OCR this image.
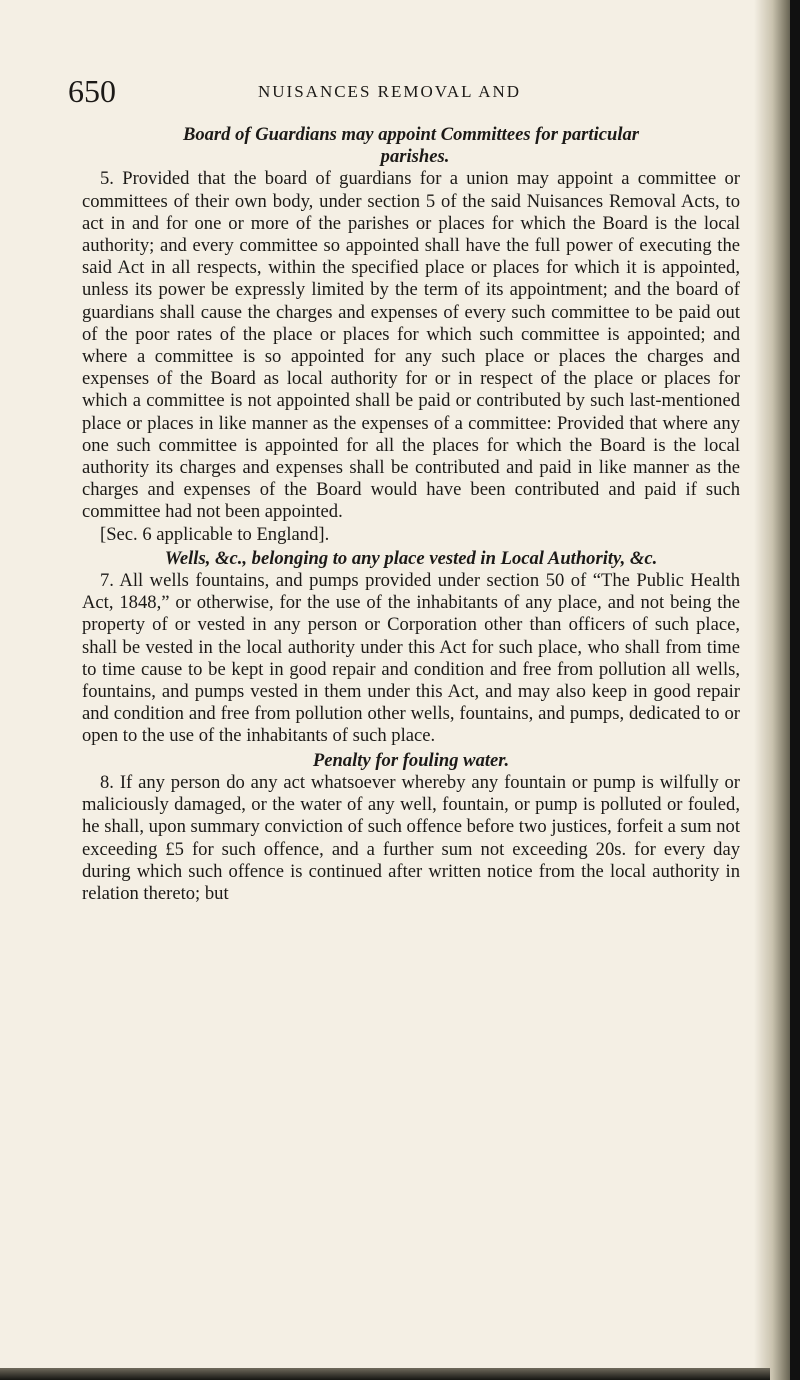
650	NUISANCES REMOVAL AND

Board of Guardians may appoint Committees for particular
parishes.

5. Provided that the board of guardians for a union may appoint a committee or committees of their own body, under section 5 of the said Nuisances Removal Acts, to act in and for one or more of the parishes or places for which the Board is the local authority; and every committee so appointed shall have the full power of executing the said Act in all respects, within the specified place or places for which it is appointed, unless its power be expressly limited by the term of its appointment; and the board of guardians shall cause the charges and expenses of every such committee to be paid out of the poor rates of the place or places for which such committee is appointed; and where a committee is so appointed for any such place or places the charges and expenses of the Board as local authority for or in respect of the place or places for which a committee is not appointed shall be paid or contributed by such last-mentioned place or places in like manner as the expenses of a committee: Provided that where any one such committee is appointed for all the places for which the Board is the local authority its charges and expenses shall be contributed and paid in like manner as the charges and expenses of the Board would have been contributed and paid if such committee had not been appointed.

[Sec. 6 applicable to England].

Wells, &c., belonging to any place vested in Local Authority, &c.

7. All wells fountains, and pumps provided under section 50 of “The Public Health Act, 1848,” or otherwise, for the use of the inhabitants of any place, and not being the property of or vested in any person or Corporation other than officers of such place, shall be vested in the local authority under this Act for such place, who shall from time to time cause to be kept in good repair and condition and free from pollution all wells, fountains, and pumps vested in them under this Act, and may also keep in good repair and condition and free from pollution other wells, fountains, and pumps, dedicated to or open to the use of the inhabitants of such place.

Penalty for fouling water.

8. If any person do any act whatsoever whereby any fountain or pump is wilfully or maliciously damaged, or the water of any well, fountain, or pump is polluted or fouled, he shall, upon summary conviction of such offence before two justices, forfeit a sum not exceeding £5 for such offence, and a further sum not exceeding 20s. for every day during which such offence is continued after written notice from the local authority in relation thereto; but
